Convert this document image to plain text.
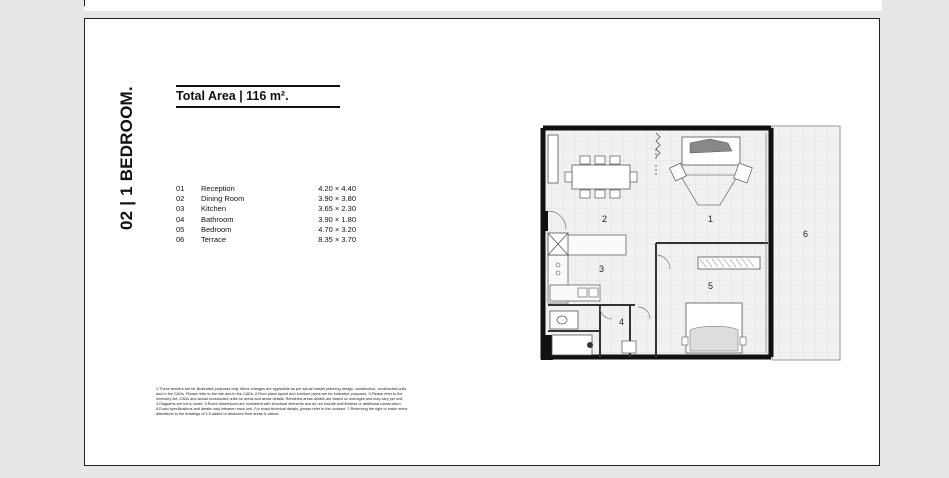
02 | 1 BEDROOM.	Total Area | 116 m².
01	Reception	4.20 × 4.40
02	Dining Room	3.90 × 3.80
03	Kitchen	3.65 × 2.30
04	Bathroom	3.90 × 1.80
05	Bedroom	4.70 × 3.20
06	Terrace	8.35 × 3.70
1.These renders are for illustrative purposes only. Minor changes are applicable as per actual master planning design, construction, constructed units and to the CADs. Please refer to the site and to the CADs. 2.Floor plans layout and furniture plans are for indicative purposes. 3.Please refer to the inventory list, CADs and actual constructed units for areas and areas details. Rendered areas details are based on averages and may vary per unit. 4.Diagrams are not to scale. 5.Room dimensions are consistent with structural elements and do not include wall finishes or additional construction. 6.Exact specifications and details vary between each unit. For exact technical details, please refer to the contract. 7.Reserving the right to make minor alterations to the drawings of 1.5 added or deducted from areas & values.
2	1
3
4
5
6
